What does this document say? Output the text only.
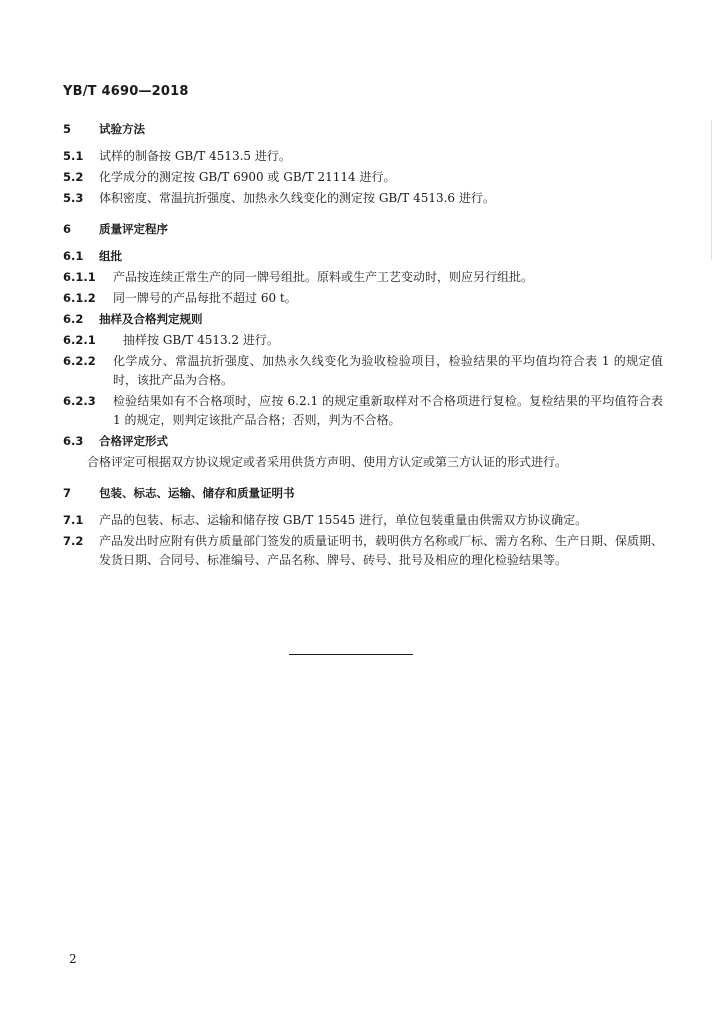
YB/T 4690—2018
5	试验方法
5.1	试样的制备按 GB/T 4513.5 进行。
5.2	化学成分的测定按 GB/T 6900 或 GB/T 21114 进行。
5.3	体积密度、常温抗折强度、加热永久线变化的测定按 GB/T 4513.6 进行。
6	质量评定程序
6.1	组批
6.1.1	产品按连续正常生产的同一牌号组批。原料或生产工艺变动时，则应另行组批。
6.1.2	同一牌号的产品每批不超过 60 t。
6.2	抽样及合格判定规则
6.2.1	抽样按 GB/T 4513.2 进行。
6.2.2	化学成分、常温抗折强度、加热永久线变化为验收检验项目，检验结果的平均值均符合表 1 的规定值时，该批产品为合格。
6.2.3	检验结果如有不合格项时，应按 6.2.1 的规定重新取样对不合格项进行复检。复检结果的平均值符合表 1 的规定，则判定该批产品合格；否则，判为不合格。
6.3	合格评定形式
合格评定可根据双方协议规定或者采用供货方声明、使用方认定或第三方认证的形式进行。
7	包装、标志、运输、储存和质量证明书
7.1	产品的包装、标志、运输和储存按 GB/T 15545 进行，单位包装重量由供需双方协议确定。
7.2	产品发出时应附有供方质量部门签发的质量证明书，载明供方名称或厂标、需方名称、生产日期、保质期、发货日期、合同号、标准编号、产品名称、牌号、砖号、批号及相应的理化检验结果等。
2
